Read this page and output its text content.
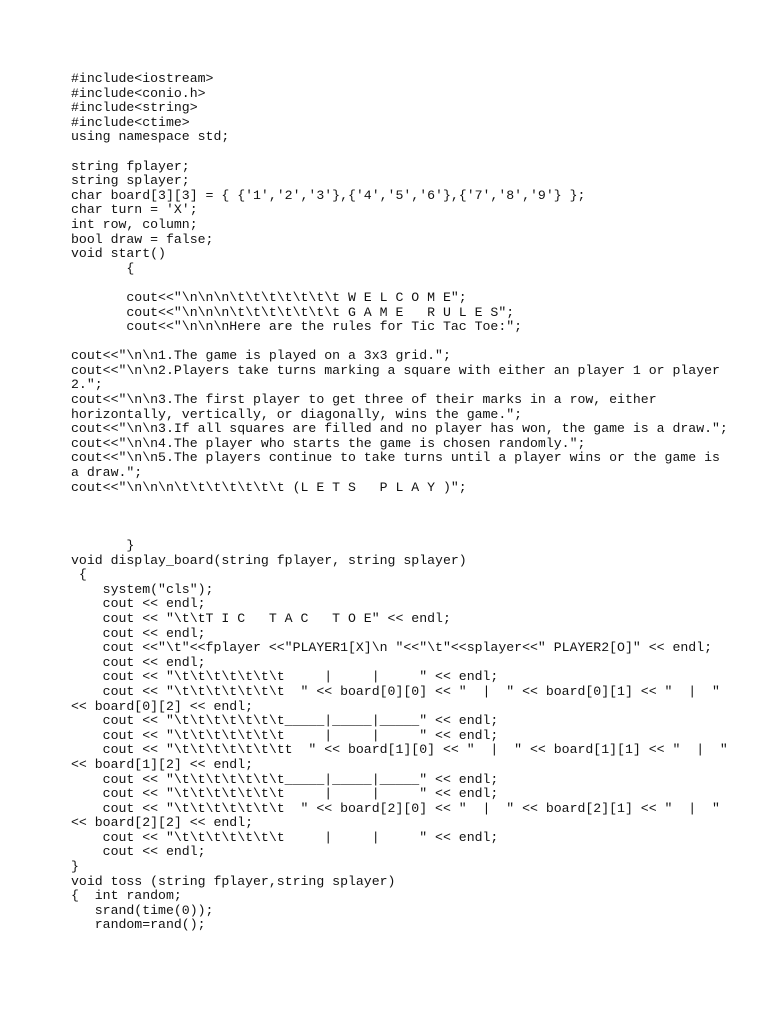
#include<iostream>
#include<conio.h>
#include<string>
#include<ctime>
using namespace std;
string fplayer;
string splayer;
char board[3][3] = { {'1','2','3'},{'4','5','6'},{'7','8','9'} };
char turn = 'X';
int row, column;
bool draw = false;
void start()
{
cout<<"\n\n\n\t\t\t\t\t\t\t W E L C O M E";
cout<<"\n\n\n\t\t\t\t\t\t\t G A M E   R U L E S";
cout<<"\n\n\nHere are the rules for Tic Tac Toe:";
cout<<"\n\n1.The game is played on a 3x3 grid.";
cout<<"\n\n2.Players take turns marking a square with either an player 1 or player
2.";
cout<<"\n\n3.The first player to get three of their marks in a row, either
horizontally, vertically, or diagonally, wins the game.";
cout<<"\n\n3.If all squares are filled and no player has won, the game is a draw.";
cout<<"\n\n4.The player who starts the game is chosen randomly.";
cout<<"\n\n5.The players continue to take turns until a player wins or the game is
a draw.";
cout<<"\n\n\n\t\t\t\t\t\t\t (L E T S   P L A Y )";
}
void display_board(string fplayer, string splayer)
{
system("cls");
cout << endl;
cout << "\t\tT I C   T A C   T O E" << endl;
cout << endl;
cout <<"\t"<<fplayer <<"PLAYER1[X]\n "<<"\t"<<splayer<<" PLAYER2[O]" << endl;
cout << endl;
cout << "\t\t\t\t\t\t\t     |     |     " << endl;
cout << "\t\t\t\t\t\t\t  " << board[0][0] << "  |  " << board[0][1] << "  |  "
<< board[0][2] << endl;
cout << "\t\t\t\t\t\t\t_____|_____|_____" << endl;
cout << "\t\t\t\t\t\t\t     |     |     " << endl;
cout << "\t\t\t\t\t\t\tt  " << board[1][0] << "  |  " << board[1][1] << "  |  "
<< board[1][2] << endl;
cout << "\t\t\t\t\t\t\t_____|_____|_____" << endl;
cout << "\t\t\t\t\t\t\t     |     |     " << endl;
cout << "\t\t\t\t\t\t\t  " << board[2][0] << "  |  " << board[2][1] << "  |  "
<< board[2][2] << endl;
cout << "\t\t\t\t\t\t\t     |     |     " << endl;
cout << endl;
}
void toss (string fplayer,string splayer)
{  int random;
srand(time(0));
random=rand();
